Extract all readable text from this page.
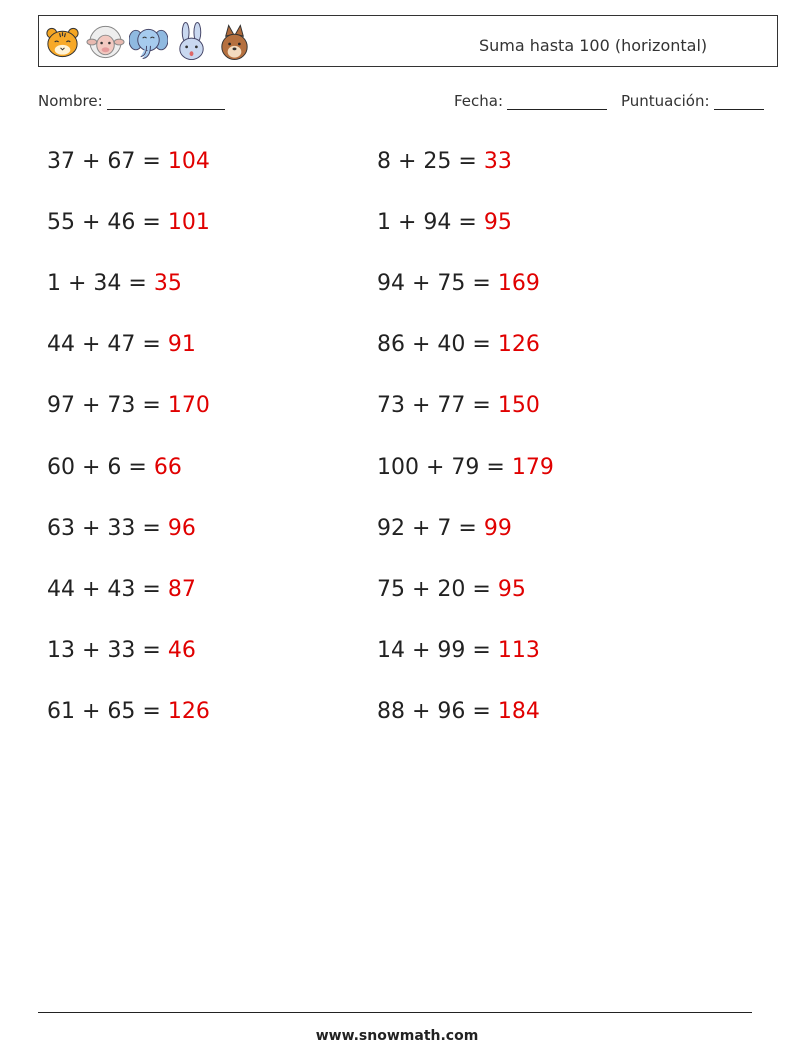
Suma hasta 100 (horizontal)
Nombre:	Fecha:	Puntuación:
37 + 67 = 104
55 + 46 = 101
1 + 34 = 35
44 + 47 = 91
97 + 73 = 170
60 + 6 = 66
63 + 33 = 96
44 + 43 = 87
13 + 33 = 46
61 + 65 = 126
8 + 25 = 33
1 + 94 = 95
94 + 75 = 169
86 + 40 = 126
73 + 77 = 150
100 + 79 = 179
92 + 7 = 99
75 + 20 = 95
14 + 99 = 113
88 + 96 = 184
www.snowmath.com
